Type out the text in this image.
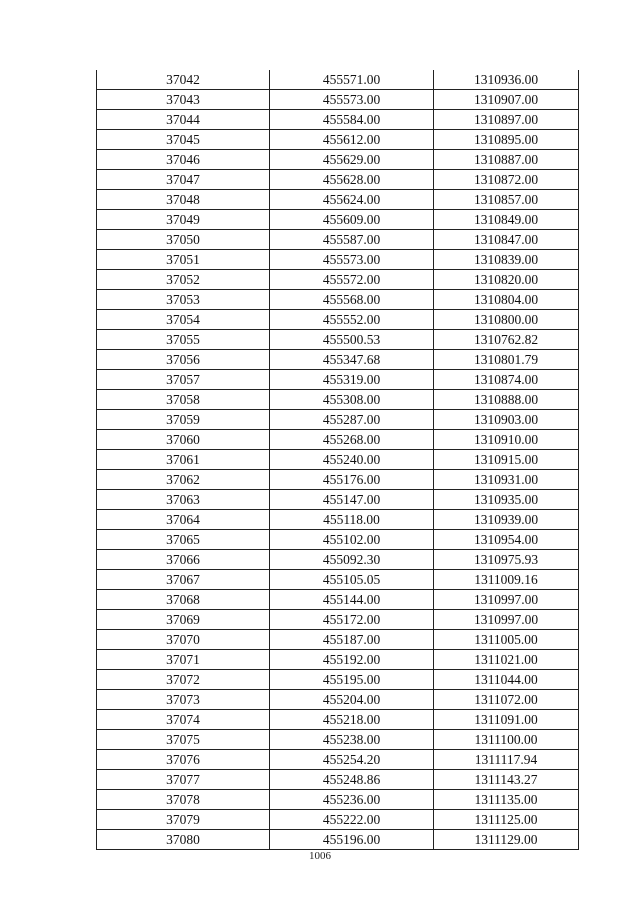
37042	455571.00	1310936.00
37043	455573.00	1310907.00
37044	455584.00	1310897.00
37045	455612.00	1310895.00
37046	455629.00	1310887.00
37047	455628.00	1310872.00
37048	455624.00	1310857.00
37049	455609.00	1310849.00
37050	455587.00	1310847.00
37051	455573.00	1310839.00
37052	455572.00	1310820.00
37053	455568.00	1310804.00
37054	455552.00	1310800.00
37055	455500.53	1310762.82
37056	455347.68	1310801.79
37057	455319.00	1310874.00
37058	455308.00	1310888.00
37059	455287.00	1310903.00
37060	455268.00	1310910.00
37061	455240.00	1310915.00
37062	455176.00	1310931.00
37063	455147.00	1310935.00
37064	455118.00	1310939.00
37065	455102.00	1310954.00
37066	455092.30	1310975.93
37067	455105.05	1311009.16
37068	455144.00	1310997.00
37069	455172.00	1310997.00
37070	455187.00	1311005.00
37071	455192.00	1311021.00
37072	455195.00	1311044.00
37073	455204.00	1311072.00
37074	455218.00	1311091.00
37075	455238.00	1311100.00
37076	455254.20	1311117.94
37077	455248.86	1311143.27
37078	455236.00	1311135.00
37079	455222.00	1311125.00
37080	455196.00	1311129.00
1006
